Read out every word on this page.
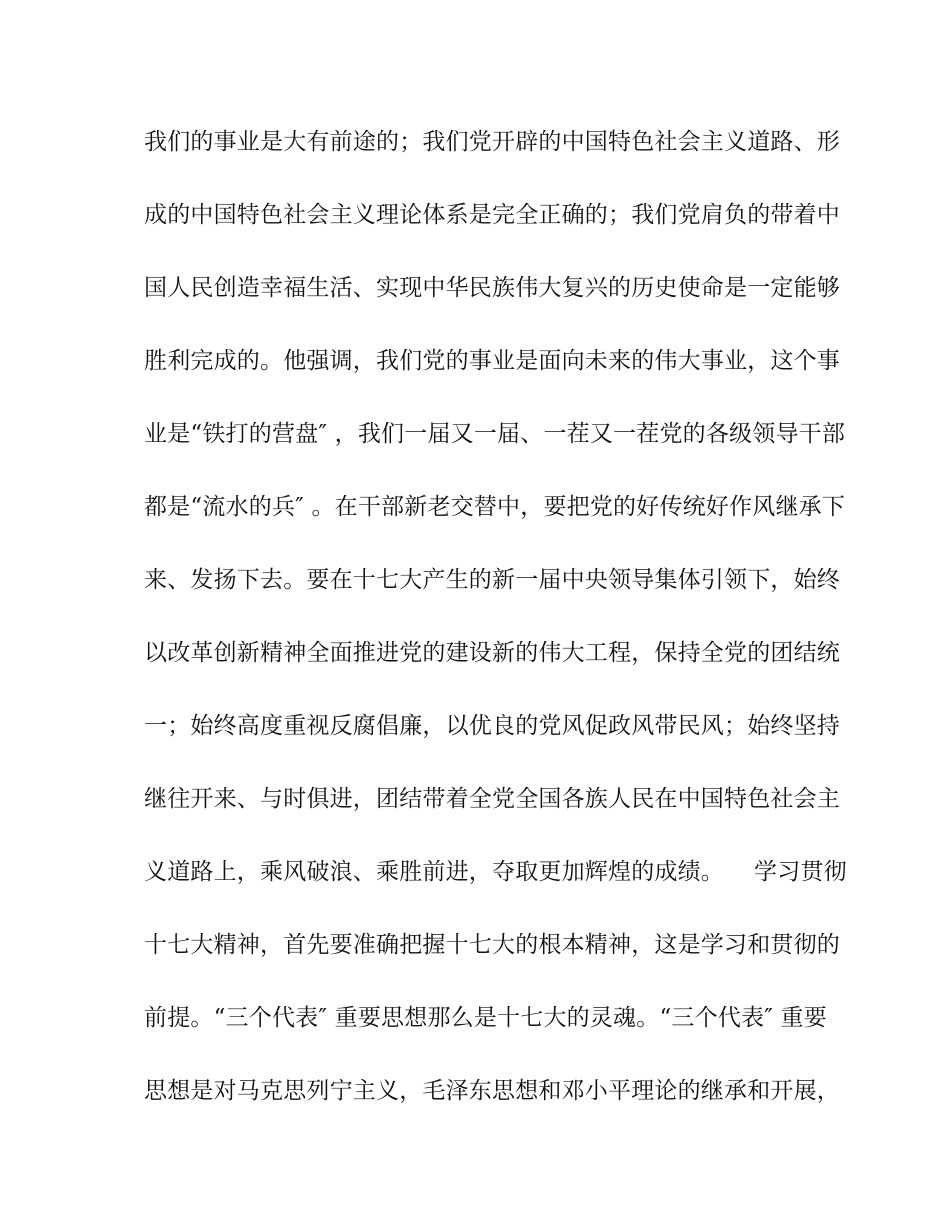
我们的事业是大有前途的；我们党开辟的中国特色社会主义道路、形
成的中国特色社会主义理论体系是完全正确的；我们党肩负的带着中
国人民创造幸福生活、实现中华民族伟大复兴的历史使命是一定能够
胜利完成的。他强调，我们党的事业是面向未来的伟大事业，这个事
业是“铁打的营盘″ ，我们一届又一届、一茬又一茬党的各级领导干部
都是“流水的兵″ 。在干部新老交替中，要把党的好传统好作风继承下
来、发扬下去。要在十七大产生的新一届中央领导集体引领下，始终
以改革创新精神全面推进党的建设新的伟大工程，保持全党的团结统
一；始终高度重视反腐倡廉，以优良的党风促政风带民风；始终坚持
继往开来、与时俱进，团结带着全党全国各族人民在中国特色社会主
义道路上，乘风破浪、乘胜前进，夺取更加辉煌的成绩。    学习贯彻
十七大精神，首先要准确把握十七大的根本精神，这是学习和贯彻的
前提。“三个代表″ 重要思想那么是十七大的灵魂。“三个代表″ 重要
思想是对马克思列宁主义，毛泽东思想和邓小平理论的继承和开展，
